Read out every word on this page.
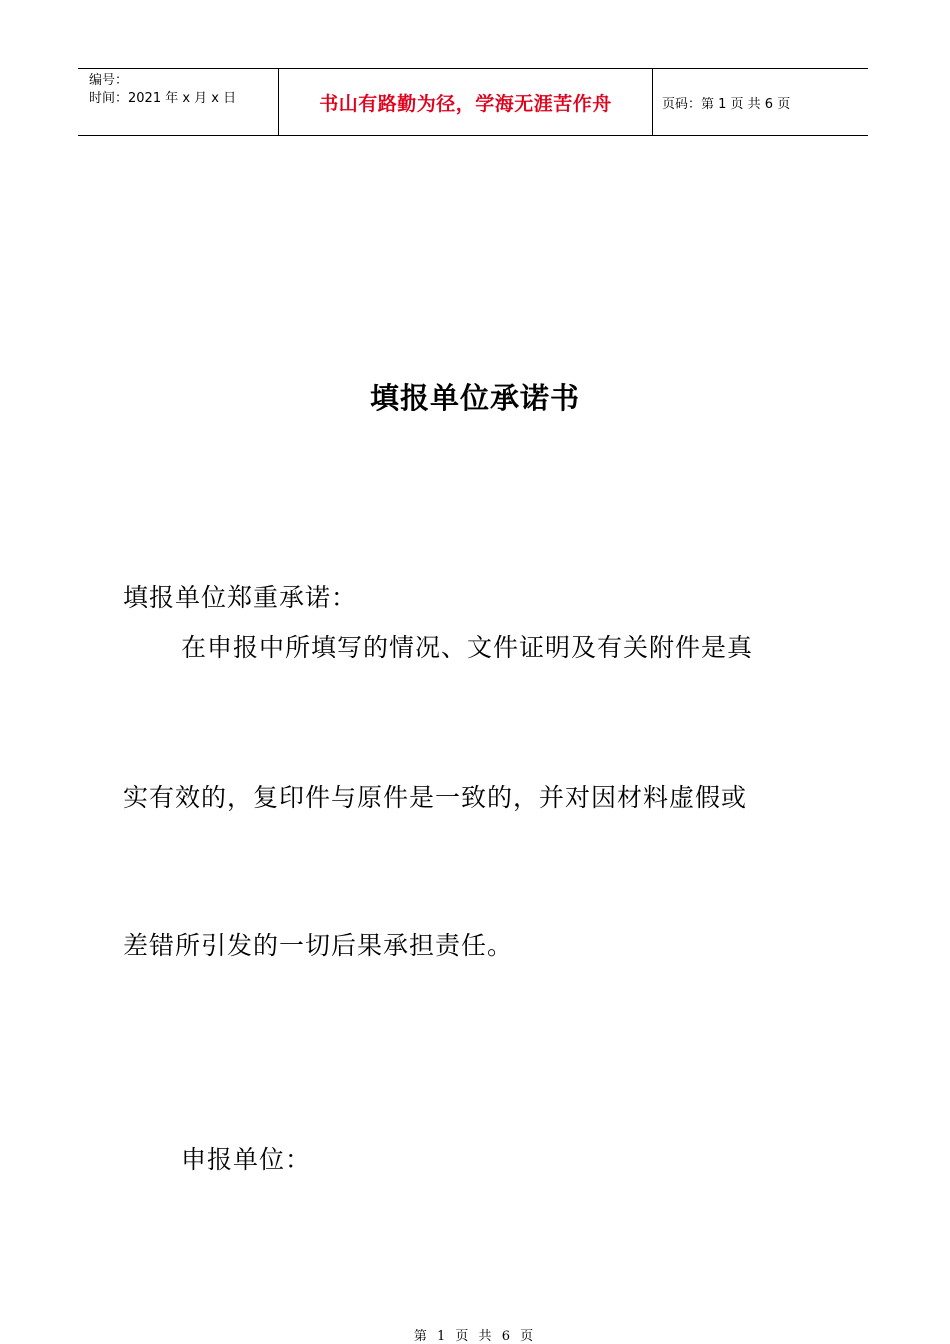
编号：
时间：2021 年 x 月 x 日	书山有路勤为径，学海无涯苦作舟	页码：第 1 页 共 6 页
填报单位承诺书
填报单位郑重承诺：
在申报中所填写的情况、文件证明及有关附件是真
实有效的，复印件与原件是一致的，并对因材料虚假或
差错所引发的一切后果承担责任。
申报单位：
第 1 页 共 6 页
